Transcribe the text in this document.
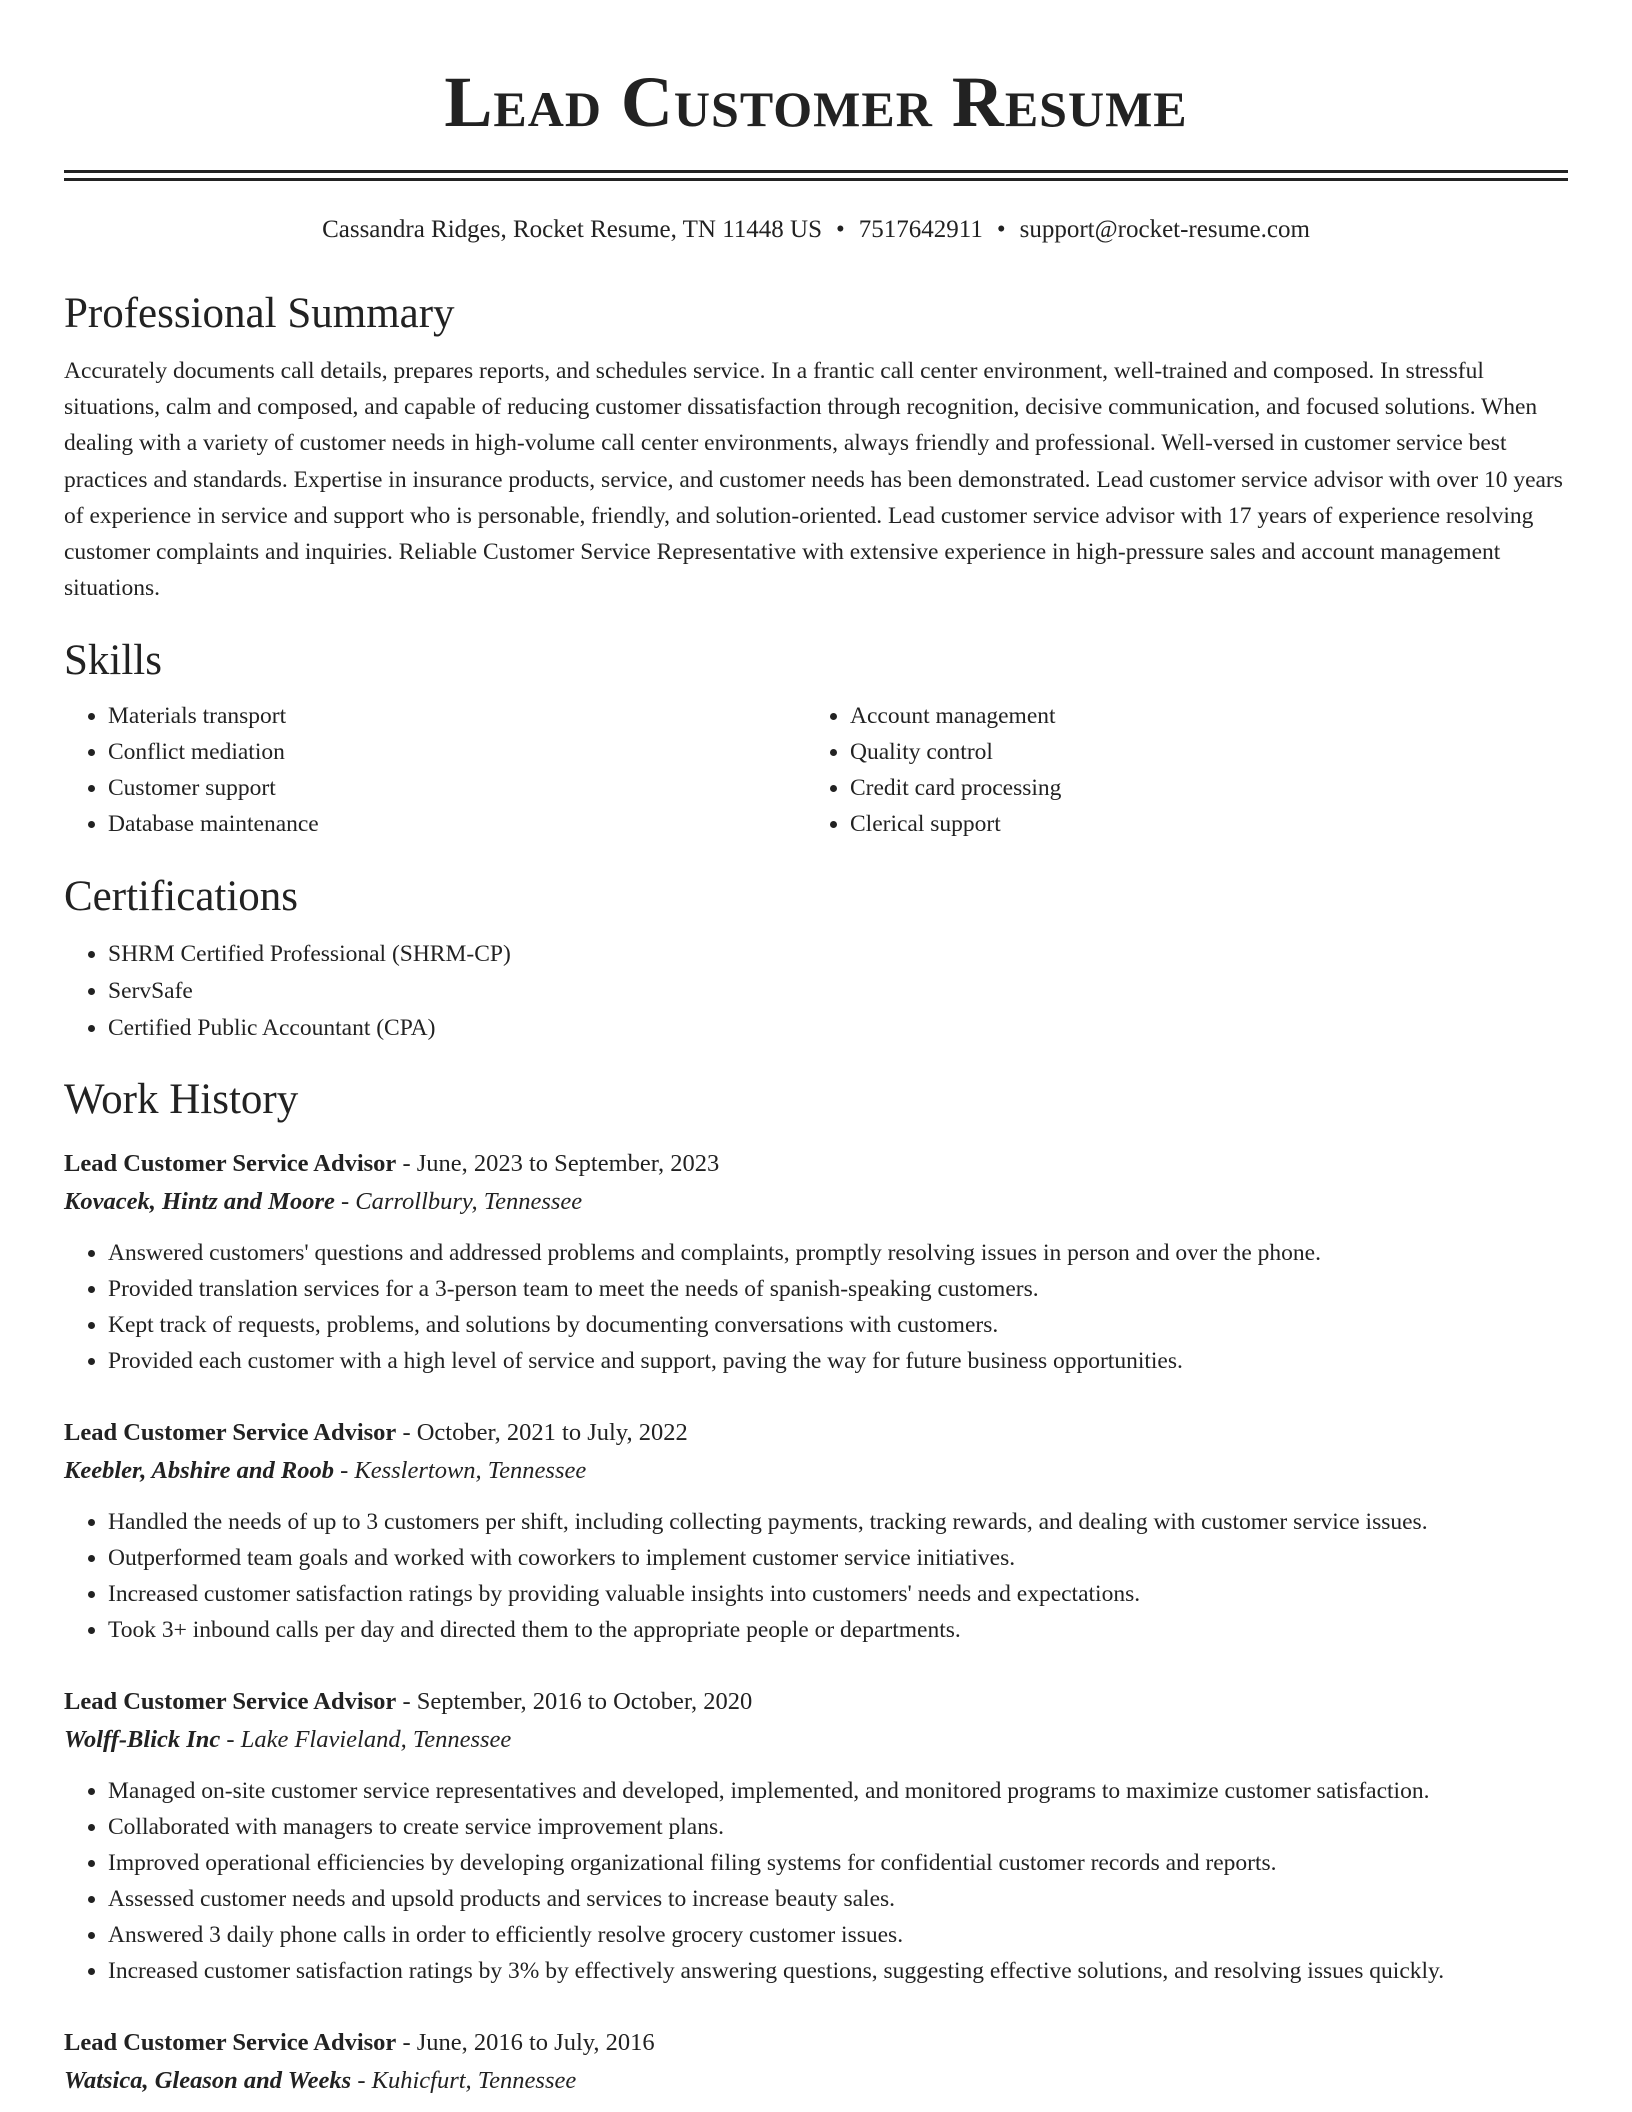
Lead Customer Resume
Cassandra Ridges, Rocket Resume, TN 11448 US • 7517642911 • support@rocket-resume.com
Professional Summary

Accurately documents call details, prepares reports, and schedules service. In a frantic call center environment, well-trained and composed. In stressful situations, calm and composed, and capable of reducing customer dissatisfaction through recognition, decisive communication, and focused solutions. When dealing with a variety of customer needs in high-volume call center environments, always friendly and professional. Well-versed in customer service best practices and standards. Expertise in insurance products, service, and customer needs has been demonstrated. Lead customer service advisor with over 10 years of experience in service and support who is personable, friendly, and solution-oriented. Lead customer service advisor with 17 years of experience resolving customer complaints and inquiries. Reliable Customer Service Representative with extensive experience in high-pressure sales and account management situations.

Skills
• Materials transport
• Conflict mediation
• Customer support
• Database maintenance
• Account management
• Quality control
• Credit card processing
• Clerical support
Certifications
• SHRM Certified Professional (SHRM-CP)
• ServSafe
• Certified Public Accountant (CPA)
Work History
Lead Customer Service Advisor - June, 2023 to September, 2023
Kovacek, Hintz and Moore - Carrollbury, Tennessee
• Answered customers' questions and addressed problems and complaints, promptly resolving issues in person and over the phone.
• Provided translation services for a 3-person team to meet the needs of spanish-speaking customers.
• Kept track of requests, problems, and solutions by documenting conversations with customers.
• Provided each customer with a high level of service and support, paving the way for future business opportunities.
Lead Customer Service Advisor - October, 2021 to July, 2022
Keebler, Abshire and Roob - Kesslertown, Tennessee
• Handled the needs of up to 3 customers per shift, including collecting payments, tracking rewards, and dealing with customer service issues.
• Outperformed team goals and worked with coworkers to implement customer service initiatives.
• Increased customer satisfaction ratings by providing valuable insights into customers' needs and expectations.
• Took 3+ inbound calls per day and directed them to the appropriate people or departments.
Lead Customer Service Advisor - September, 2016 to October, 2020
Wolff-Blick Inc - Lake Flavieland, Tennessee
• Managed on-site customer service representatives and developed, implemented, and monitored programs to maximize customer satisfaction.
• Collaborated with managers to create service improvement plans.
• Improved operational efficiencies by developing organizational filing systems for confidential customer records and reports.
• Assessed customer needs and upsold products and services to increase beauty sales.
• Answered 3 daily phone calls in order to efficiently resolve grocery customer issues.
• Increased customer satisfaction ratings by 3% by effectively answering questions, suggesting effective solutions, and resolving issues quickly.
Lead Customer Service Advisor - June, 2016 to July, 2016
Watsica, Gleason and Weeks - Kuhicfurt, Tennessee
